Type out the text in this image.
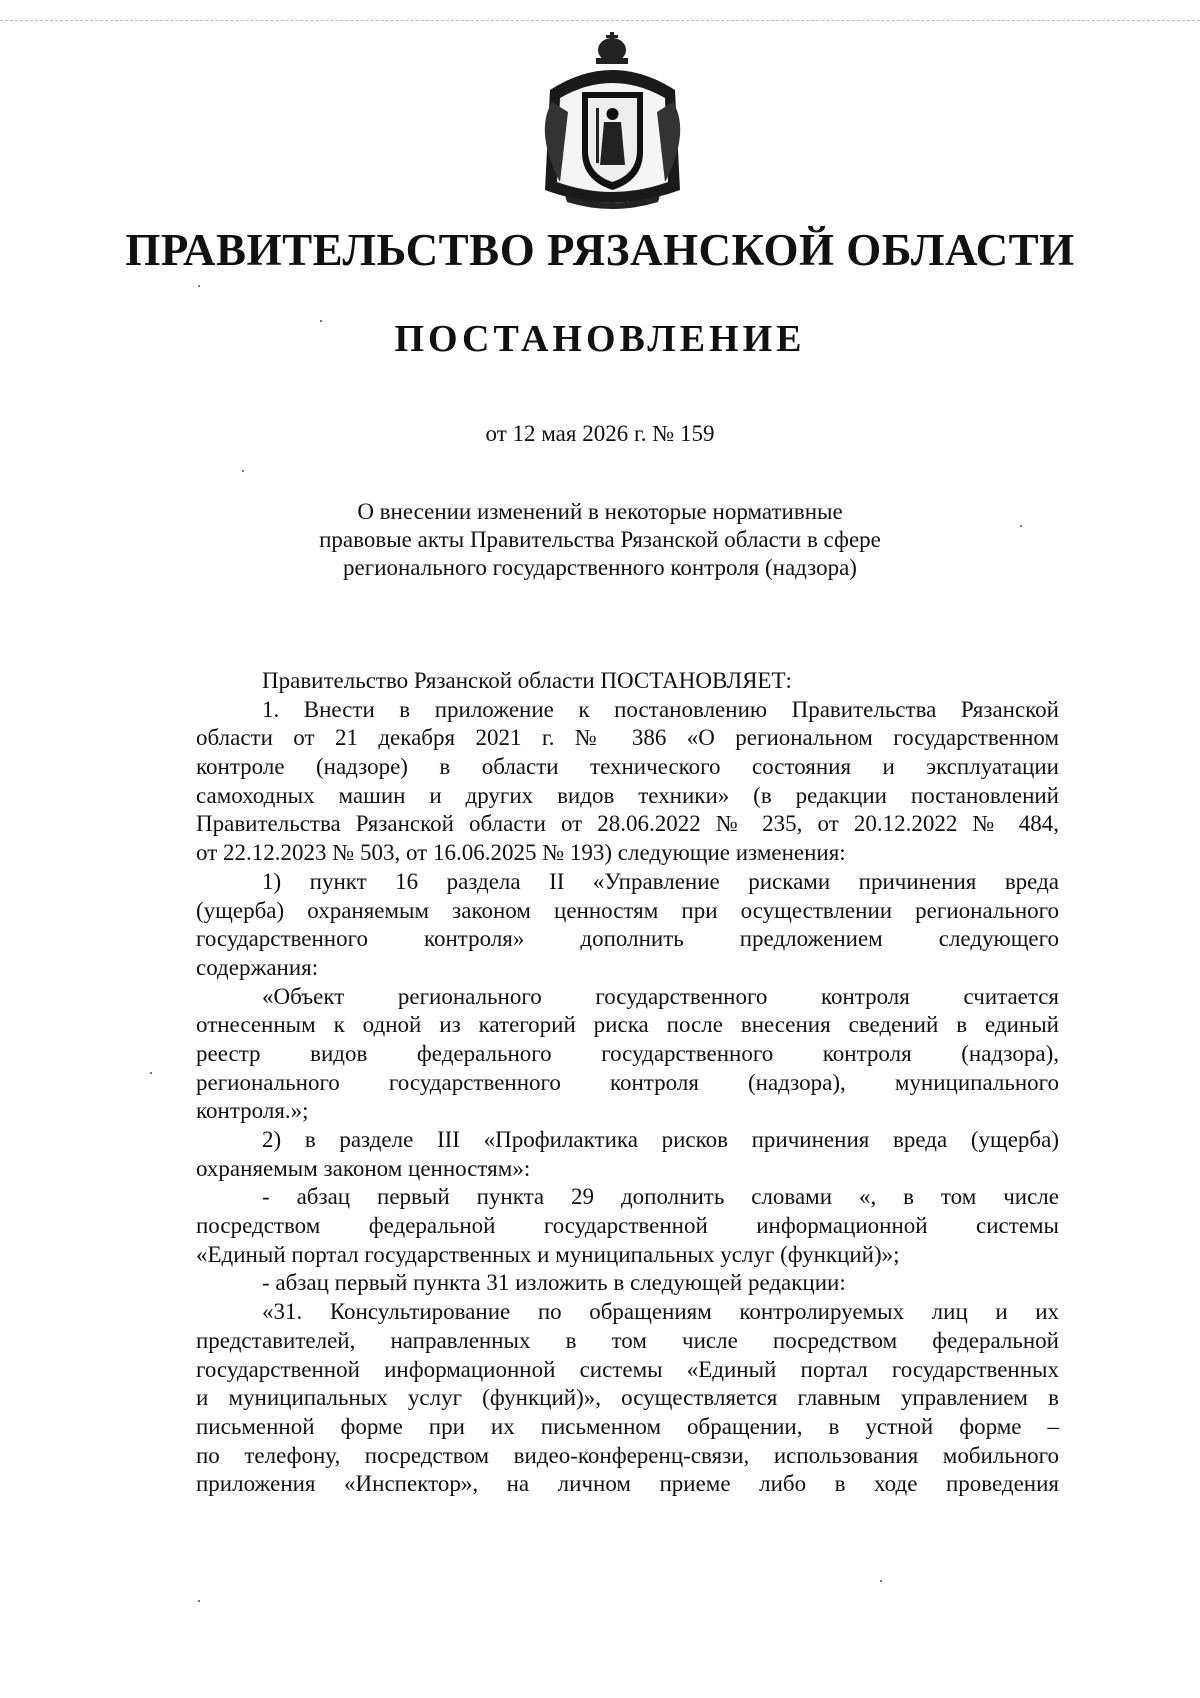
ПРАВИТЕЛЬСТВО РЯЗАНСКОЙ ОБЛАСТИ
ПОСТАНОВЛЕНИЕ
от 12 мая 2026 г. № 159
О внесении изменений в некоторые нормативные
правовые акты Правительства Рязанской области в сфере
регионального государственного контроля (надзора)
Правительство Рязанской области ПОСТАНОВЛЯЕТ:
1. Внести в приложение к постановлению Правительства Рязанской
области от 21 декабря 2021 г. № 386 «О региональном государственном
контроле (надзоре) в области технического состояния и эксплуатации
самоходных машин и других видов техники» (в редакции постановлений
Правительства Рязанской области от 28.06.2022 № 235, от 20.12.2022 № 484,
от 22.12.2023 № 503, от 16.06.2025 № 193) следующие изменения:
1) пункт 16 раздела II «Управление рисками причинения вреда
(ущерба) охраняемым законом ценностям при осуществлении регионального
государственного контроля» дополнить предложением следующего
содержания:
«Объект регионального государственного контроля считается
отнесенным к одной из категорий риска после внесения сведений в единый
реестр видов федерального государственного контроля (надзора),
регионального государственного контроля (надзора), муниципального
контроля.»;
2) в разделе III «Профилактика рисков причинения вреда (ущерба)
охраняемым законом ценностям»:
- абзац первый пункта 29 дополнить словами «, в том числе
посредством федеральной государственной информационной системы
«Единый портал государственных и муниципальных услуг (функций)»;
- абзац первый пункта 31 изложить в следующей редакции:
«31. Консультирование по обращениям контролируемых лиц и их
представителей, направленных в том числе посредством федеральной
государственной информационной системы «Единый портал государственных
и муниципальных услуг (функций)», осуществляется главным управлением в
письменной форме при их письменном обращении, в устной форме –
по телефону, посредством видео-конференц-связи, использования мобильного
приложения «Инспектор», на личном приеме либо в ходе проведения
